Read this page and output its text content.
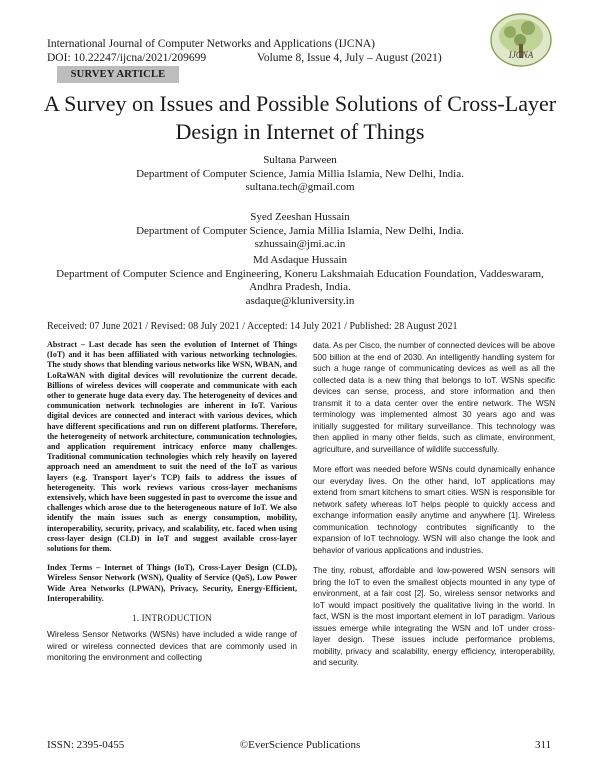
International Journal of Computer Networks and Applications (IJCNA)
DOI: 10.22247/ijcna/2021/209699	Volume 8, Issue 4, July – August (2021)	IJCNA
SURVEY ARTICLE
A Survey on Issues and Possible Solutions of Cross-Layer Design in Internet of Things
Sultana Parween
Department of Computer Science, Jamia Millia Islamia, New Delhi, India.
sultana.tech@gmail.com
Syed Zeeshan Hussain
Department of Computer Science, Jamia Millia Islamia, New Delhi, India.
szhussain@jmi.ac.in
Md Asdaque Hussain
Department of Computer Science and Engineering, Koneru Lakshmaiah Education Foundation, Vaddeswaram,
Andhra Pradesh, India.
asdaque@kluniversity.in
Received: 07 June 2021 / Revised: 08 July 2021 / Accepted: 14 July 2021 / Published: 28 August 2021

Abstract – Last decade has seen the evolution of Internet of Things (IoT) and it has been affiliated with various networking technologies. The study shows that blending various networks like WSN, WBAN, and LoRaWAN with digital devices will revolutionize the current decade. Billions of wireless devices will cooperate and communicate with each other to generate huge data every day. The heterogeneity of devices and communication network technologies are inherent in IoT. Various digital devices are connected and interact with various devices, which have different specifications and run on different platforms. Therefore, the heterogeneity of network architecture, communication technologies, and application requirement intricacy enforce many challenges. Traditional communication technologies which rely heavily on layered approach need an amendment to suit the need of the IoT as various layers (e.g. Transport layer's TCP) fails to address the issues of heterogeneity. This work reviews various cross-layer mechanisms extensively, which have been suggested in past to overcome the issue and challenges which arose due to the heterogeneous nature of IoT. We also identify the main issues such as energy consumption, mobility, interoperability, security, privacy, and scalability, etc. faced when using cross-layer design (CLD) in IoT and suggest available cross-layer solutions for them.

Index Terms – Internet of Things (IoT), Cross-Layer Design (CLD), Wireless Sensor Network (WSN), Quality of Service (QoS), Low Power Wide Area Networks (LPWAN), Privacy, Security, Energy-Efficient, Interoperability.

1. INTRODUCTION
Wireless Sensor Networks (WSNs) have included a wide range of wired or wireless connected devices that are commonly used in monitoring the environment and collecting

data. As per Cisco, the number of connected devices will be above 500 billion at the end of 2030. An intelligently handling system for such a huge range of communicating devices as well as all the collected data is a new thing that belongs to IoT. WSNs specific devices can sense, process, and store information and then transmit it to a data center over the entire network. The WSN terminology was implemented almost 30 years ago and was initially suggested for military surveillance. This technology was then applied in many other fields, such as climate, environment, agriculture, and surveillance of wildlife successfully.

More effort was needed before WSNs could dynamically enhance our everyday lives. On the other hand, IoT applications may extend from smart kitchens to smart cities. WSN is responsible for network safety whereas IoT helps people to quickly access and exchange information easily anytime and anywhere [1]. Wireless communication technology contributes significantly to the expansion of IoT technology. WSN will also change the look and behavior of various applications and industries.

The tiny, robust, affordable and low-powered WSN sensors will bring the IoT to even the smallest objects mounted in any type of environment, at a fair cost [2]. So, wireless sensor networks and IoT would impact positively the qualitative living in the world. In fact, WSN is the most important element in IoT paradigm. Various issues emerge while integrating the WSN and IoT under cross-layer design. These issues include performance problems, mobility, privacy and scalability, energy efficiency, interoperability, and security.

ISSN: 2395-0455	©EverScience Publications	311
